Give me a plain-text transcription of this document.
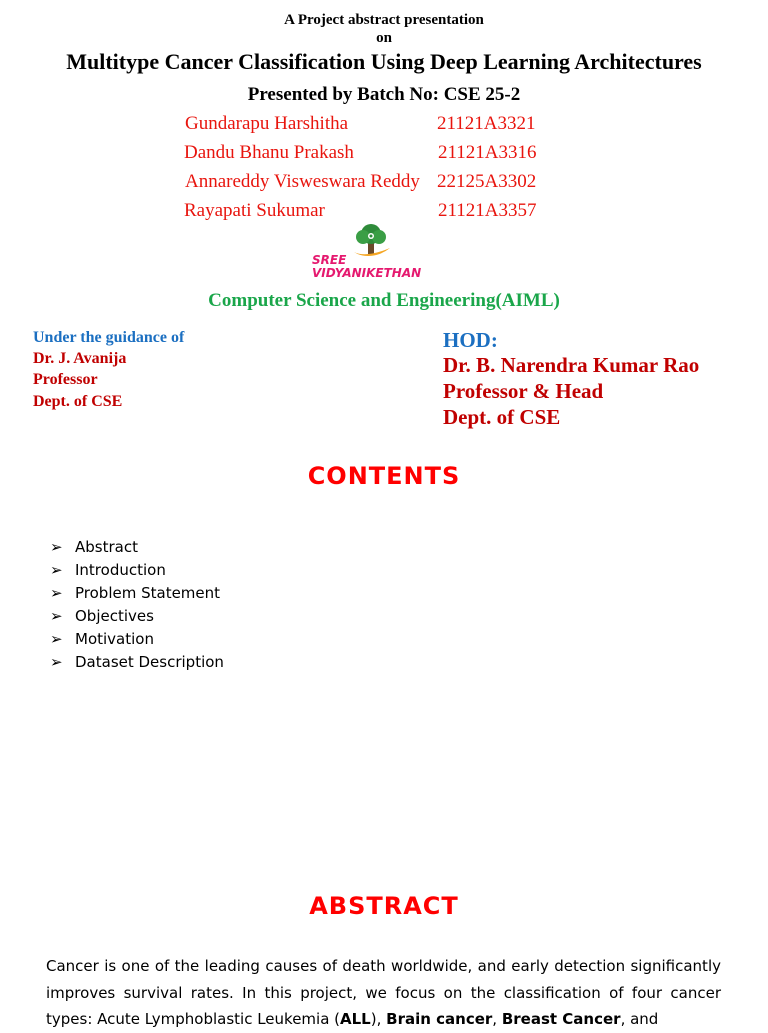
A Project abstract presentation
on
Multitype Cancer Classification Using Deep Learning Architectures
Presented by Batch No: CSE 25-2
Gundarapu Harshitha	21121A3321
Dandu Bhanu Prakash	21121A3316
Annareddy Visweswara Reddy 22125A3302
Rayapati Sukumar	21121A3357
SREE
VIDYANIKETHAN
Computer Science and Engineering(AIML)
Under the guidance of
Dr. J. Avanija
Professor
Dept. of CSE
HOD:
Dr. B. Narendra Kumar Rao
Professor & Head
Dept. of CSE
CONTENTS
➢ Abstract
➢ Introduction
➢ Problem Statement
➢ Objectives
➢ Motivation
➢ Dataset Description
ABSTRACT
Cancer is one of the leading causes of death worldwide, and early detection significantly improves survival rates. In this project, we focus on the classification of four cancer types: Acute Lymphoblastic Leukemia (ALL), Brain cancer, Breast Cancer, and
